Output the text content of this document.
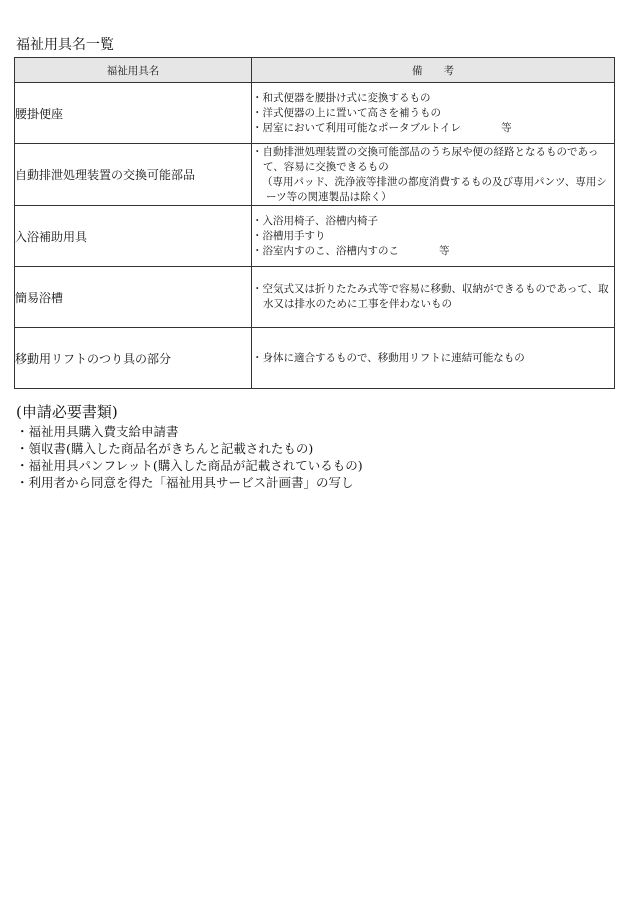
福祉用具名一覧
福祉用具名	備　　考
腰掛便座	・和式便器を腰掛け式に変換するもの
・洋式便器の上に置いて高さを補うもの
・居室において利用可能なポータブルトイレ 等

自動排泄処理装置の交換可能部品	・自動排泄処理装置の交換可能部品のうち尿や便の経路となるものであって、容易に交換できるもの
（専用パッド、洗浄液等排泄の都度消費するもの及び専用パンツ、専用シーツ等の関連製品は除く）

入浴補助用具	・入浴用椅子、浴槽内椅子
・浴槽用手すり
・浴室内すのこ、浴槽内すのこ 等

簡易浴槽	・空気式又は折りたたみ式等で容易に移動、収納ができるものであって、取水又は排水のために工事を伴わないもの

移動用リフトのつり具の部分	・身体に適合するもので、移動用リフトに連結可能なもの
(申請必要書類)
・福祉用具購入費支給申請書
・領収書(購入した商品名がきちんと記載されたもの)
・福祉用具パンフレット(購入した商品が記載されているもの)
・利用者から同意を得た「福祉用具サービス計画書」の写し
